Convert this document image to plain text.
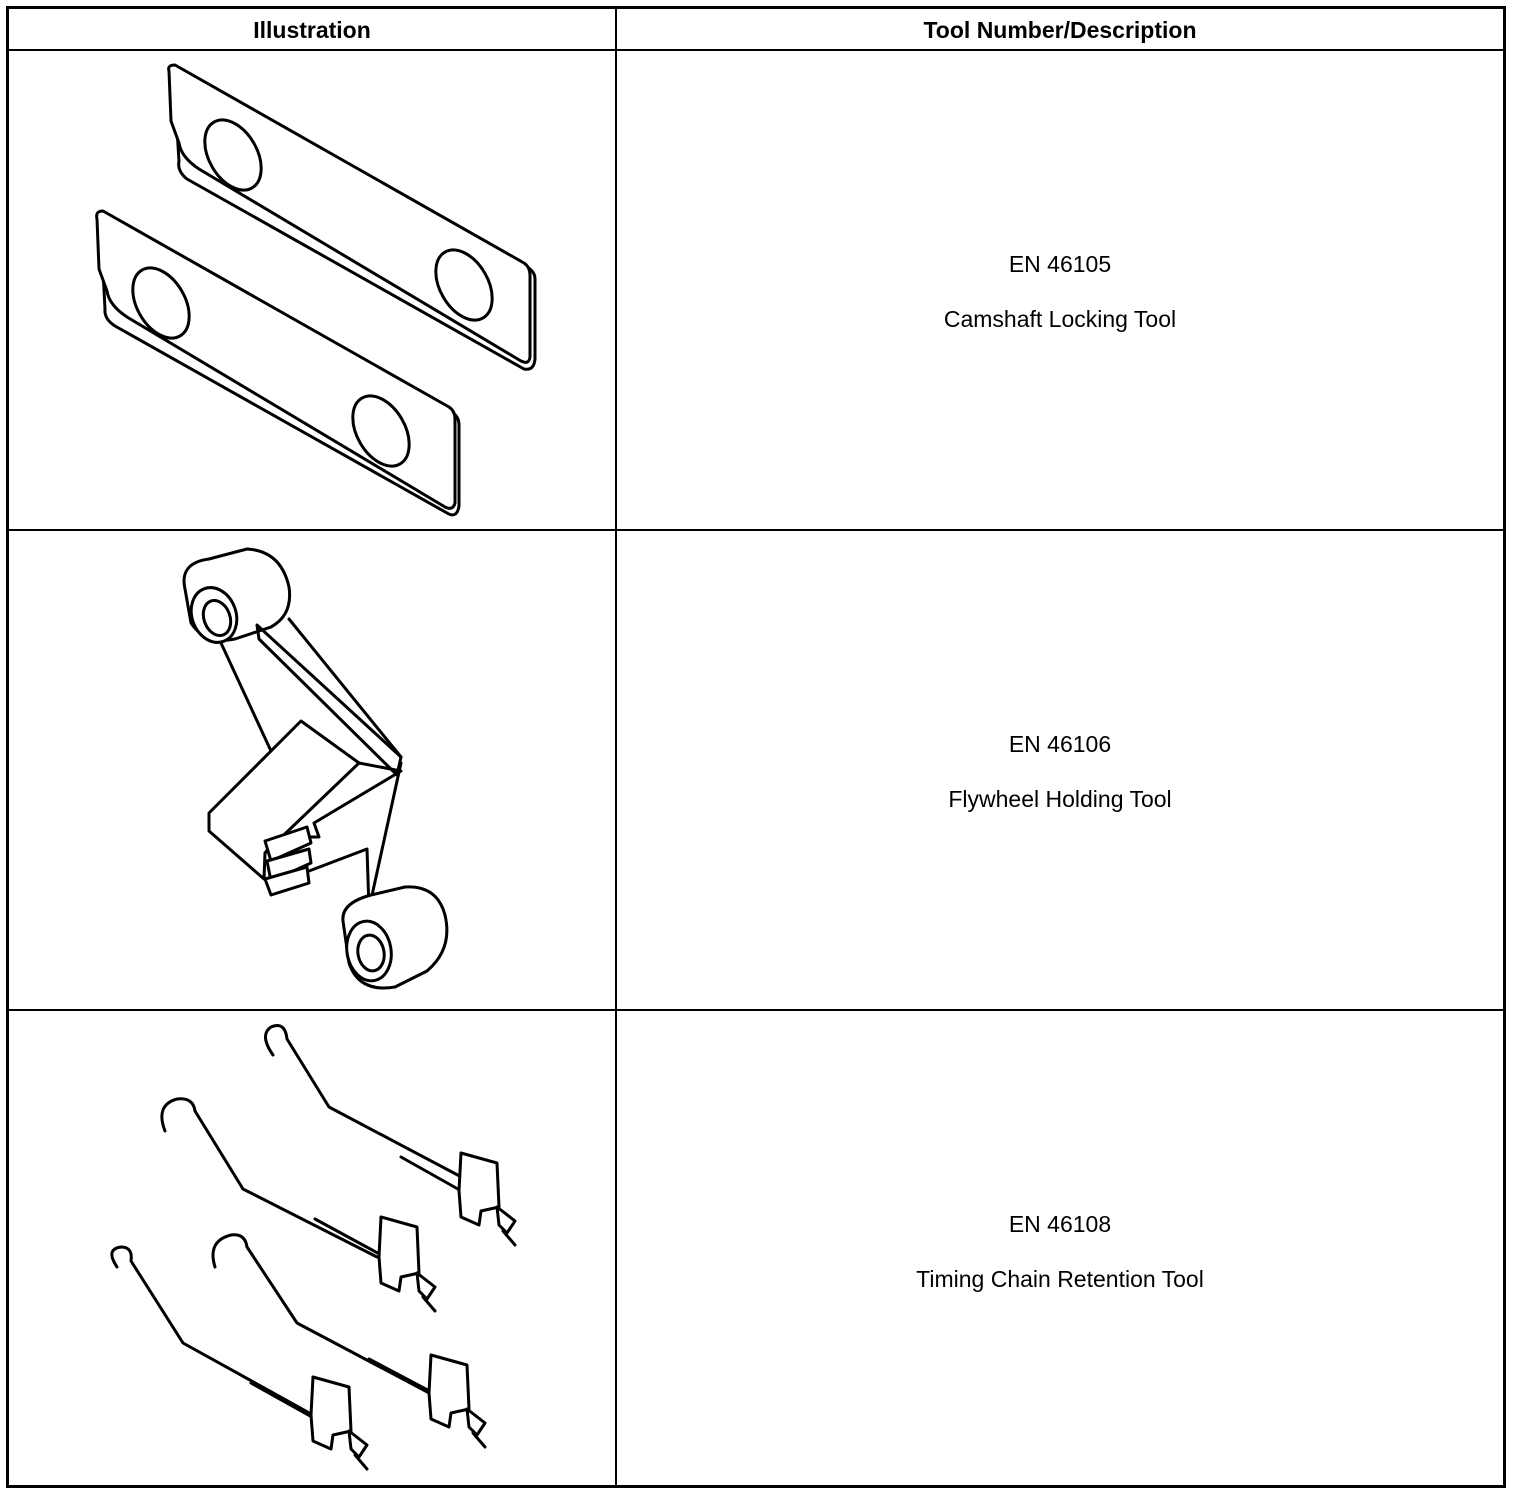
Illustration	Tool Number/Description
EN 46105
Camshaft Locking Tool
EN 46106
Flywheel Holding Tool
EN 46108
Timing Chain Retention Tool
